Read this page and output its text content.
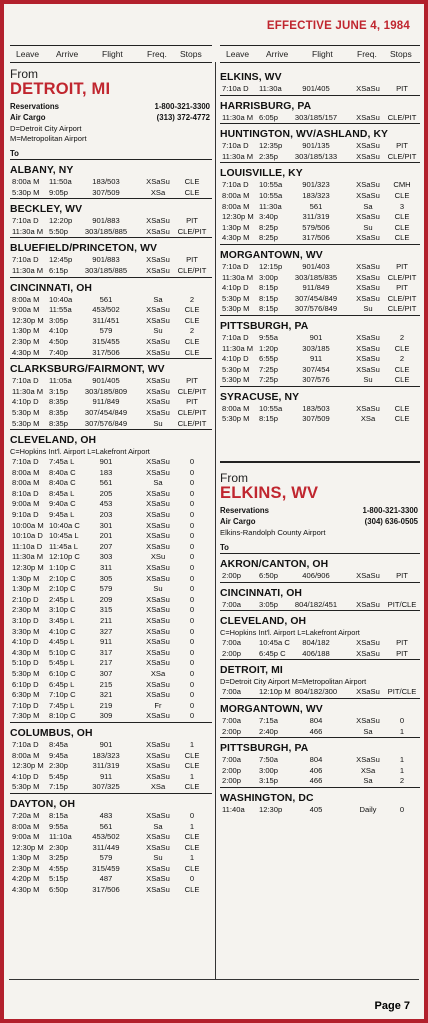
EFFECTIVE JUNE 4, 1984
Leave Arrive	Flight	Freq. Stops	Leave Arrive	Flight	Freq. Stops
From
DETROIT, MI
Reservations
Air Cargo
1-800-321-3300
(313) 372-4772
D=Detroit City Airport
M=Metropolitan Airport
To
ALBANY, NY
8:00a M 11:50a	183/503	XSaSu CLE
5:30p M 9:05p	307/509	XSa	CLE
BECKLEY, WV
7:10a D 12:20p	901/883	XSaSu PIT
11:30a M 5:50p 303/185/885	XSaSu CLE/PIT
BLUEFIELD/PRINCETON, WV
7:10a D 12:45p	901/883	XSaSu PIT
11:30a M 6:15p 303/185/885	XSaSu CLE/PIT
CINCINNATI, OH
8:00a M 10:40a	561	Sa	2
9:00a M 11:55a	453/502	XSaSu CLE
12:30p M 3:05p	311/451	XSaSu CLE
1:30p M 4:10p	579	Su	2
2:30p M 4:50p	315/455	XSaSu CLE
4:30p M 7:40p	317/506	XSaSu CLE
CLARKSBURG/FAIRMONT, WV
7:10a D 11:05a	901/405	XSaSu PIT
11:30a M 3:15p 303/185/809	XSaSu CLE/PIT
4:10p D 8:35p	911/849	XSaSu PIT
5:30p M 8:35p 307/454/849	XSaSu CLE/PIT
5:30p M 8:35p 307/576/849	Su CLE/PIT
CLEVELAND, OH
C=Hopkins Int'l. Airport L=Lakefront Airport
7:10a D 7:45a L	901	XSaSu	0
8:00a M 8:40a C	183	XSaSu	0
8:00a M 8:40a C	561	Sa	0
8:10a D 8:45a L	205	XSaSu	0
9:00a M 9:40a C	453	XSaSu	0
9:10a D 9:45a L	203	XSaSu	0
10:00a M 10:40a C	301	XSaSu	0
10:10a D 10:45a L	201	XSaSu	0
11:10a D 11:45a L	207	XSaSu	0
11:30a M 12:10p C	303	XSu	0
12:30p M 1:10p C	311	XSaSu	0
1:30p M 2:10p C	305	XSaSu	0
1:30p M 2:10p C	579	Su	0
2:10p D 2:45p L	209	XSaSu	0
2:30p M 3:10p C	315	XSaSu	0
3:10p D 3:45p L	211	XSaSu	0
3:30p M 4:10p C	327	XSaSu	0
4:10p D 4:45p L	911	XSaSu	0
4:30p M 5:10p C	317	XSaSu	0
5:10p D 5:45p L	217	XSaSu	0
5:30p M 6:10p C	307	XSa	0
6:10p D 6:45p L	215	XSaSu	0
6:30p M 7:10p C	321	XSaSu	0
7:10p D 7:45p L	219	Fr	0
7:30p M 8:10p C	309	XSaSu	0
COLUMBUS, OH
7:10a D 8:45a	901	XSaSu	1
8:00a M 9:45a	183/323	XSaSu CLE
12:30p M 2:30p	311/319	XSaSu CLE
4:10p D 5:45p	911	XSaSu	1
5:30p M 7:15p	307/325	XSa	CLE
DAYTON, OH
7:20a M 8:15a	483	XSaSu	0
8:00a M 9:55a	561	Sa	1
9:00a M 11:10a	453/502	XSaSu CLE
12:30p M 2:30p	311/449	XSaSu CLE
1:30p M 3:25p	579	Su	1
2:30p M 4:55p	315/459	XSaSu CLE
4:20p M 5:15p	487	XSaSu	0
4:30p M 6:50p	317/506	XSaSu CLE
ELKINS, WV
7:10a D 11:30a	901/405	XSaSu PIT
HARRISBURG, PA
11:30a M 6:05p 303/185/157	XSaSu CLE/PIT
HUNTINGTON, WV/ASHLAND, KY
7:10a D 12:35p	901/135	XSaSu PIT
11:30a M 2:35p 303/185/133	XSaSu CLE/PIT
LOUISVILLE, KY
7:10a D 10:55a	901/323	XSaSu CMH
8:00a M 10:55a	183/323	XSaSu CLE
8:00a M 11:30a	561	Sa	3
12:30p M 3:40p	311/319	XSaSu CLE
1:30p M 8:25p	579/506	Su	CLE
4:30p M 8:25p	317/506	XSaSu CLE
MORGANTOWN, WV
7:10a D 12:15p	901/403	XSaSu PIT
11:30a M 3:00p 303/185/835	XSaSu CLE/PIT
4:10p D 8:15p	911/849	XSaSu PIT
5:30p M 8:15p 307/454/849	XSaSu CLE/PIT
5:30p M 8:15p 307/576/849	Su CLE/PIT
PITTSBURGH, PA
7:10a D 9:55a	901	XSaSu	2
11:30a M 1:20p	303/185	XSaSu CLE
4:10p D 6:55p	911	XSaSu	2
5:30p M 7:25p	307/454	XSaSu CLE
5:30p M 7:25p	307/576	Su	CLE
SYRACUSE, NY
8:00a M 10:55a	183/503	XSaSu CLE
5:30p M 8:15p	307/509	XSa	CLE
From
ELKINS, WV
Reservations
Air Cargo
1-800-321-3300
(304) 636-0505
Elkins-Randolph County Airport
To
AKRON/CANTON, OH
2:00p 6:50p	406/906	XSaSu PIT
CINCINNATI, OH
7:00a 3:05p 804/182/451	XSaSu PIT/CLE
CLEVELAND, OH
C=Hopkins Int'l. Airport L=Lakefront Airport
7:00a 10:45a C 804/182	XSaSu PIT
2:00p 6:45p C 406/188	XSaSu PIT
DETROIT, MI
D=Detroit City Airport M=Metropolitan Airport
7:00a 12:10p M 804/182/300	XSaSu PIT/CLE
MORGANTOWN, WV
7:00a 7:15a	804	XSaSu	0
2:00p 2:40p	466	Sa	1
PITTSBURGH, PA
7:00a 7:50a	804	XSaSu	1
2:00p 3:00p	406	XSa	1
2:00p 3:15p	466	Sa	2
WASHINGTON, DC
11:40a 12:30p	405	Daily	0
Page 7
